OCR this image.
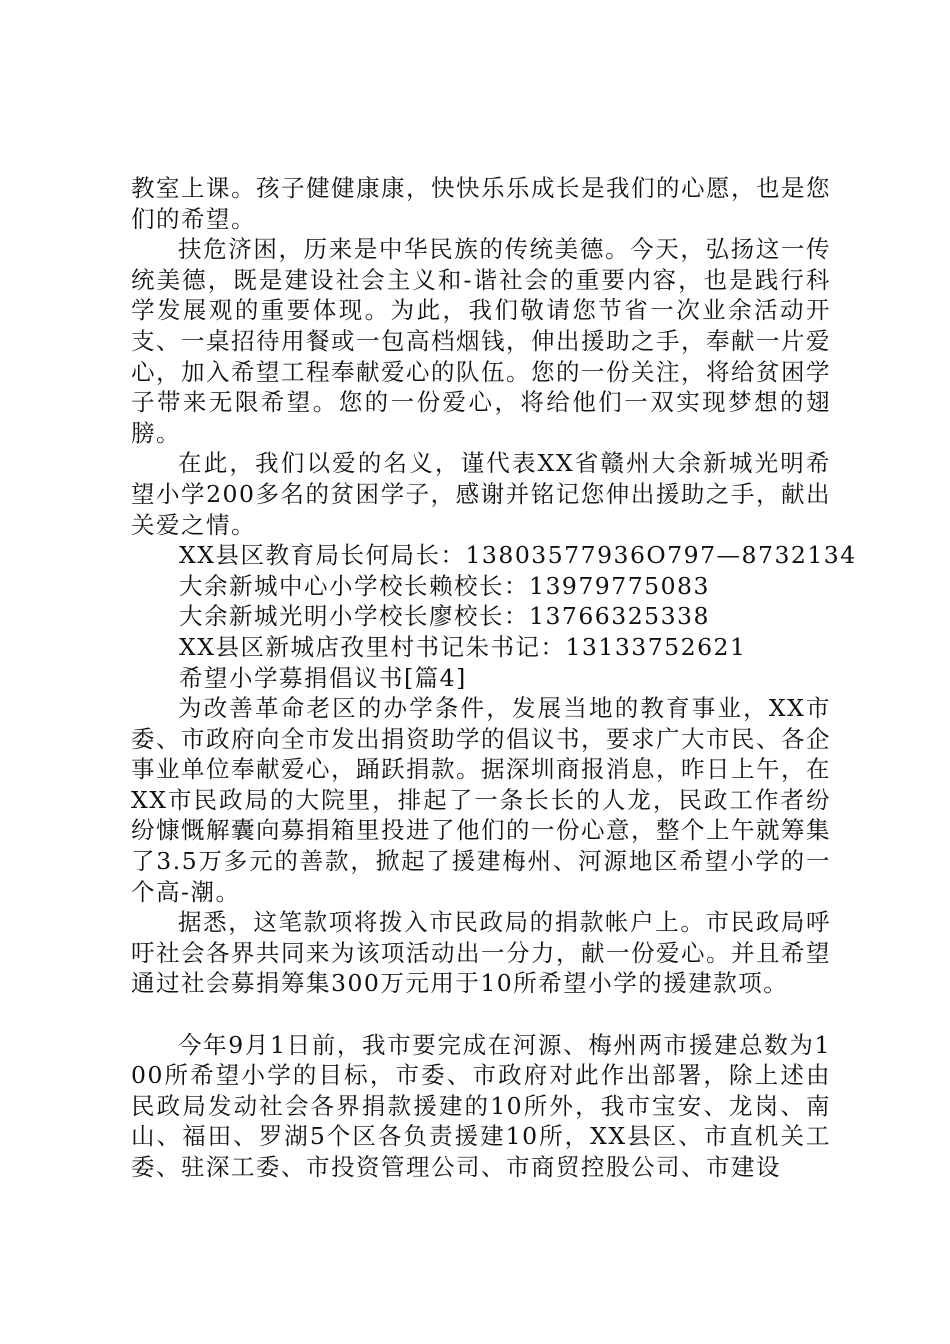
教室上课。孩子健健康康，快快乐乐成长是我们的心愿，也是您们的希望。

扶危济困，历来是中华民族的传统美德。今天，弘扬这一传统美德，既是建设社会主义和-谐社会的重要内容，也是践行科学发展观的重要体现。为此，我们敬请您节省一次业余活动开支、一桌招待用餐或一包高档烟钱，伸出援助之手，奉献一片爱心，加入希望工程奉献爱心的队伍。您的一份关注，将给贫困学子带来无限希望。您的一份爱心，将给他们一双实现梦想的翅膀。

在此，我们以爱的名义，谨代表XX省赣州大余新城光明希望小学200多名的贫困学子，感谢并铭记您伸出援助之手，献出关爱之情。

XX县区教育局长何局长：13803577936O797—8732134

大余新城中心小学校长赖校长：13979775083

大余新城光明小学校长廖校长：13766325338

XX县区新城店孜里村书记朱书记：13133752621

希望小学募捐倡议书[篇4]

为改善革命老区的办学条件，发展当地的教育事业，XX市委、市政府向全市发出捐资助学的倡议书，要求广大市民、各企事业单位奉献爱心，踊跃捐款。据深圳商报消息，昨日上午，在XX市民政局的大院里，排起了一条长长的人龙，民政工作者纷纷慷慨解囊向募捐箱里投进了他们的一份心意，整个上午就筹集了3.5万多元的善款，掀起了援建梅州、河源地区希望小学的一个高-潮。

据悉，这笔款项将拨入市民政局的捐款帐户上。市民政局呼吁社会各界共同来为该项活动出一分力，献一份爱心。并且希望通过社会募捐筹集300万元用于10所希望小学的援建款项。

今年9月1日前，我市要完成在河源、梅州两市援建总数为100所希望小学的目标，市委、市政府对此作出部署，除上述由民政局发动社会各界捐款援建的10所外，我市宝安、龙岗、南山、福田、罗湖5个区各负责援建10所，XX县区、市直机关工委、驻深工委、市投资管理公司、市商贸控股公司、市建设
